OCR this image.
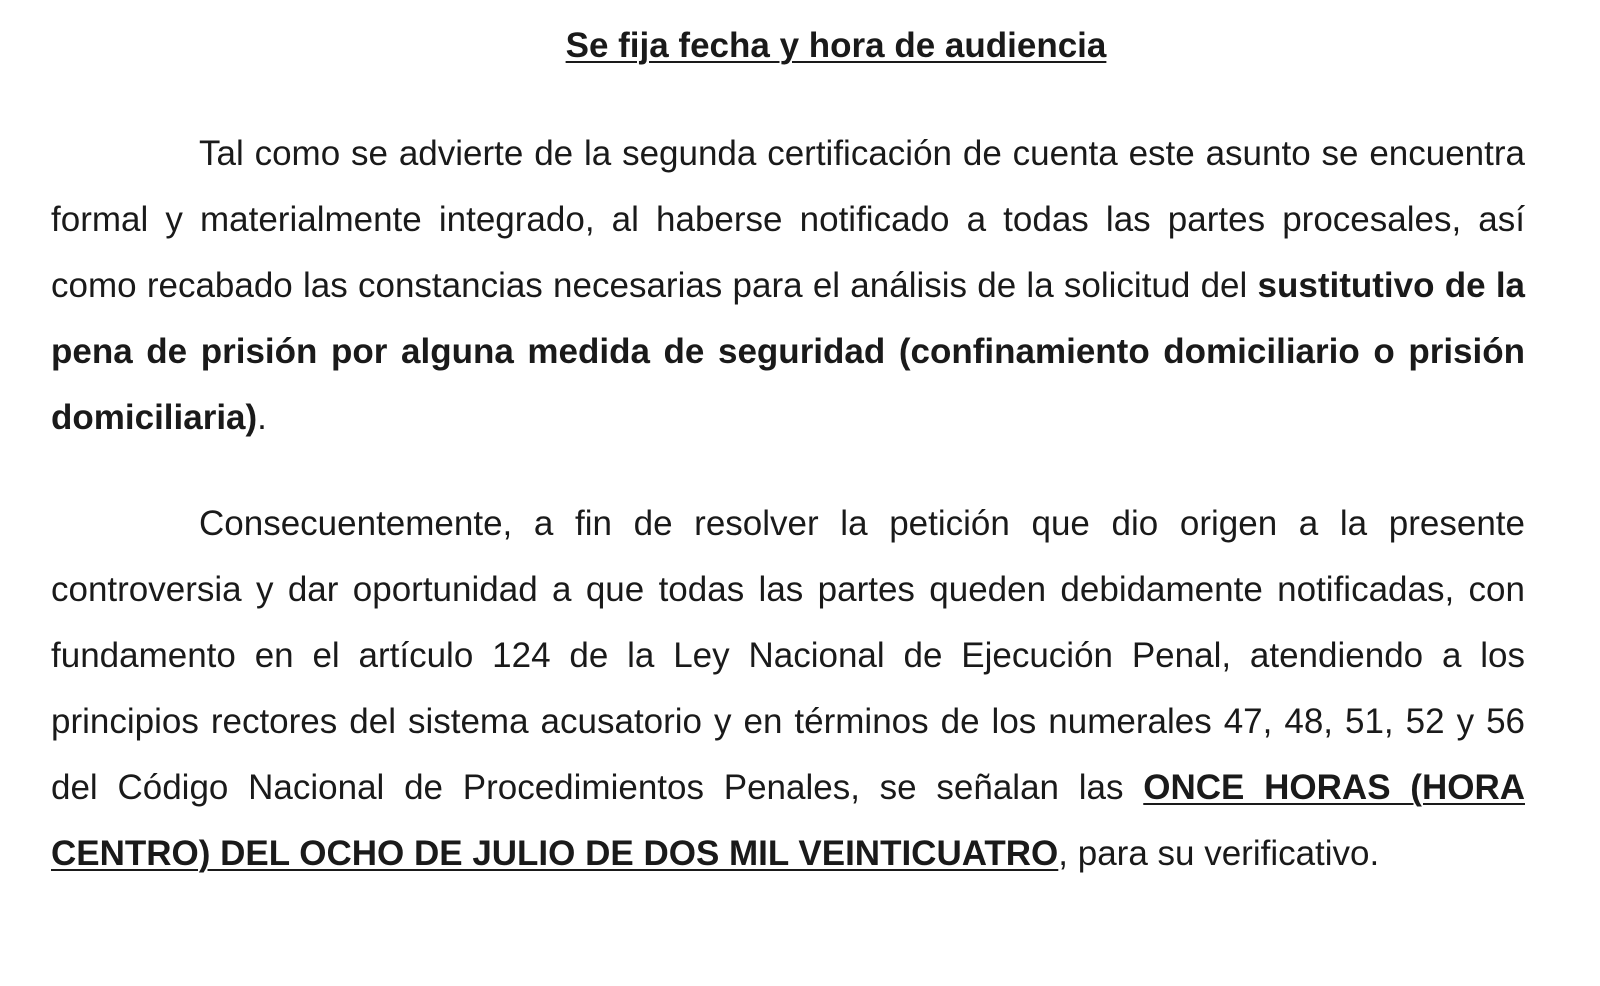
Se fija fecha y hora de audiencia

Tal como se advierte de la segunda certificación de cuenta este asunto se encuentra formal y materialmente integrado, al haberse notificado a todas las partes procesales, así como recabado las constancias necesarias para el análisis de la solicitud del sustitutivo de la pena de prisión por alguna medida de seguridad (confinamiento domiciliario o prisión domiciliaria).

Consecuentemente, a fin de resolver la petición que dio origen a la presente controversia y dar oportunidad a que todas las partes queden debidamente notificadas, con fundamento en el artículo 124 de la Ley Nacional de Ejecución Penal, atendiendo a los principios rectores del sistema acusatorio y en términos de los numerales 47, 48, 51, 52 y 56 del Código Nacional de Procedimientos Penales, se señalan las ONCE HORAS (HORA CENTRO) DEL OCHO DE JULIO DE DOS MIL VEINTICUATRO, para su verificativo.
